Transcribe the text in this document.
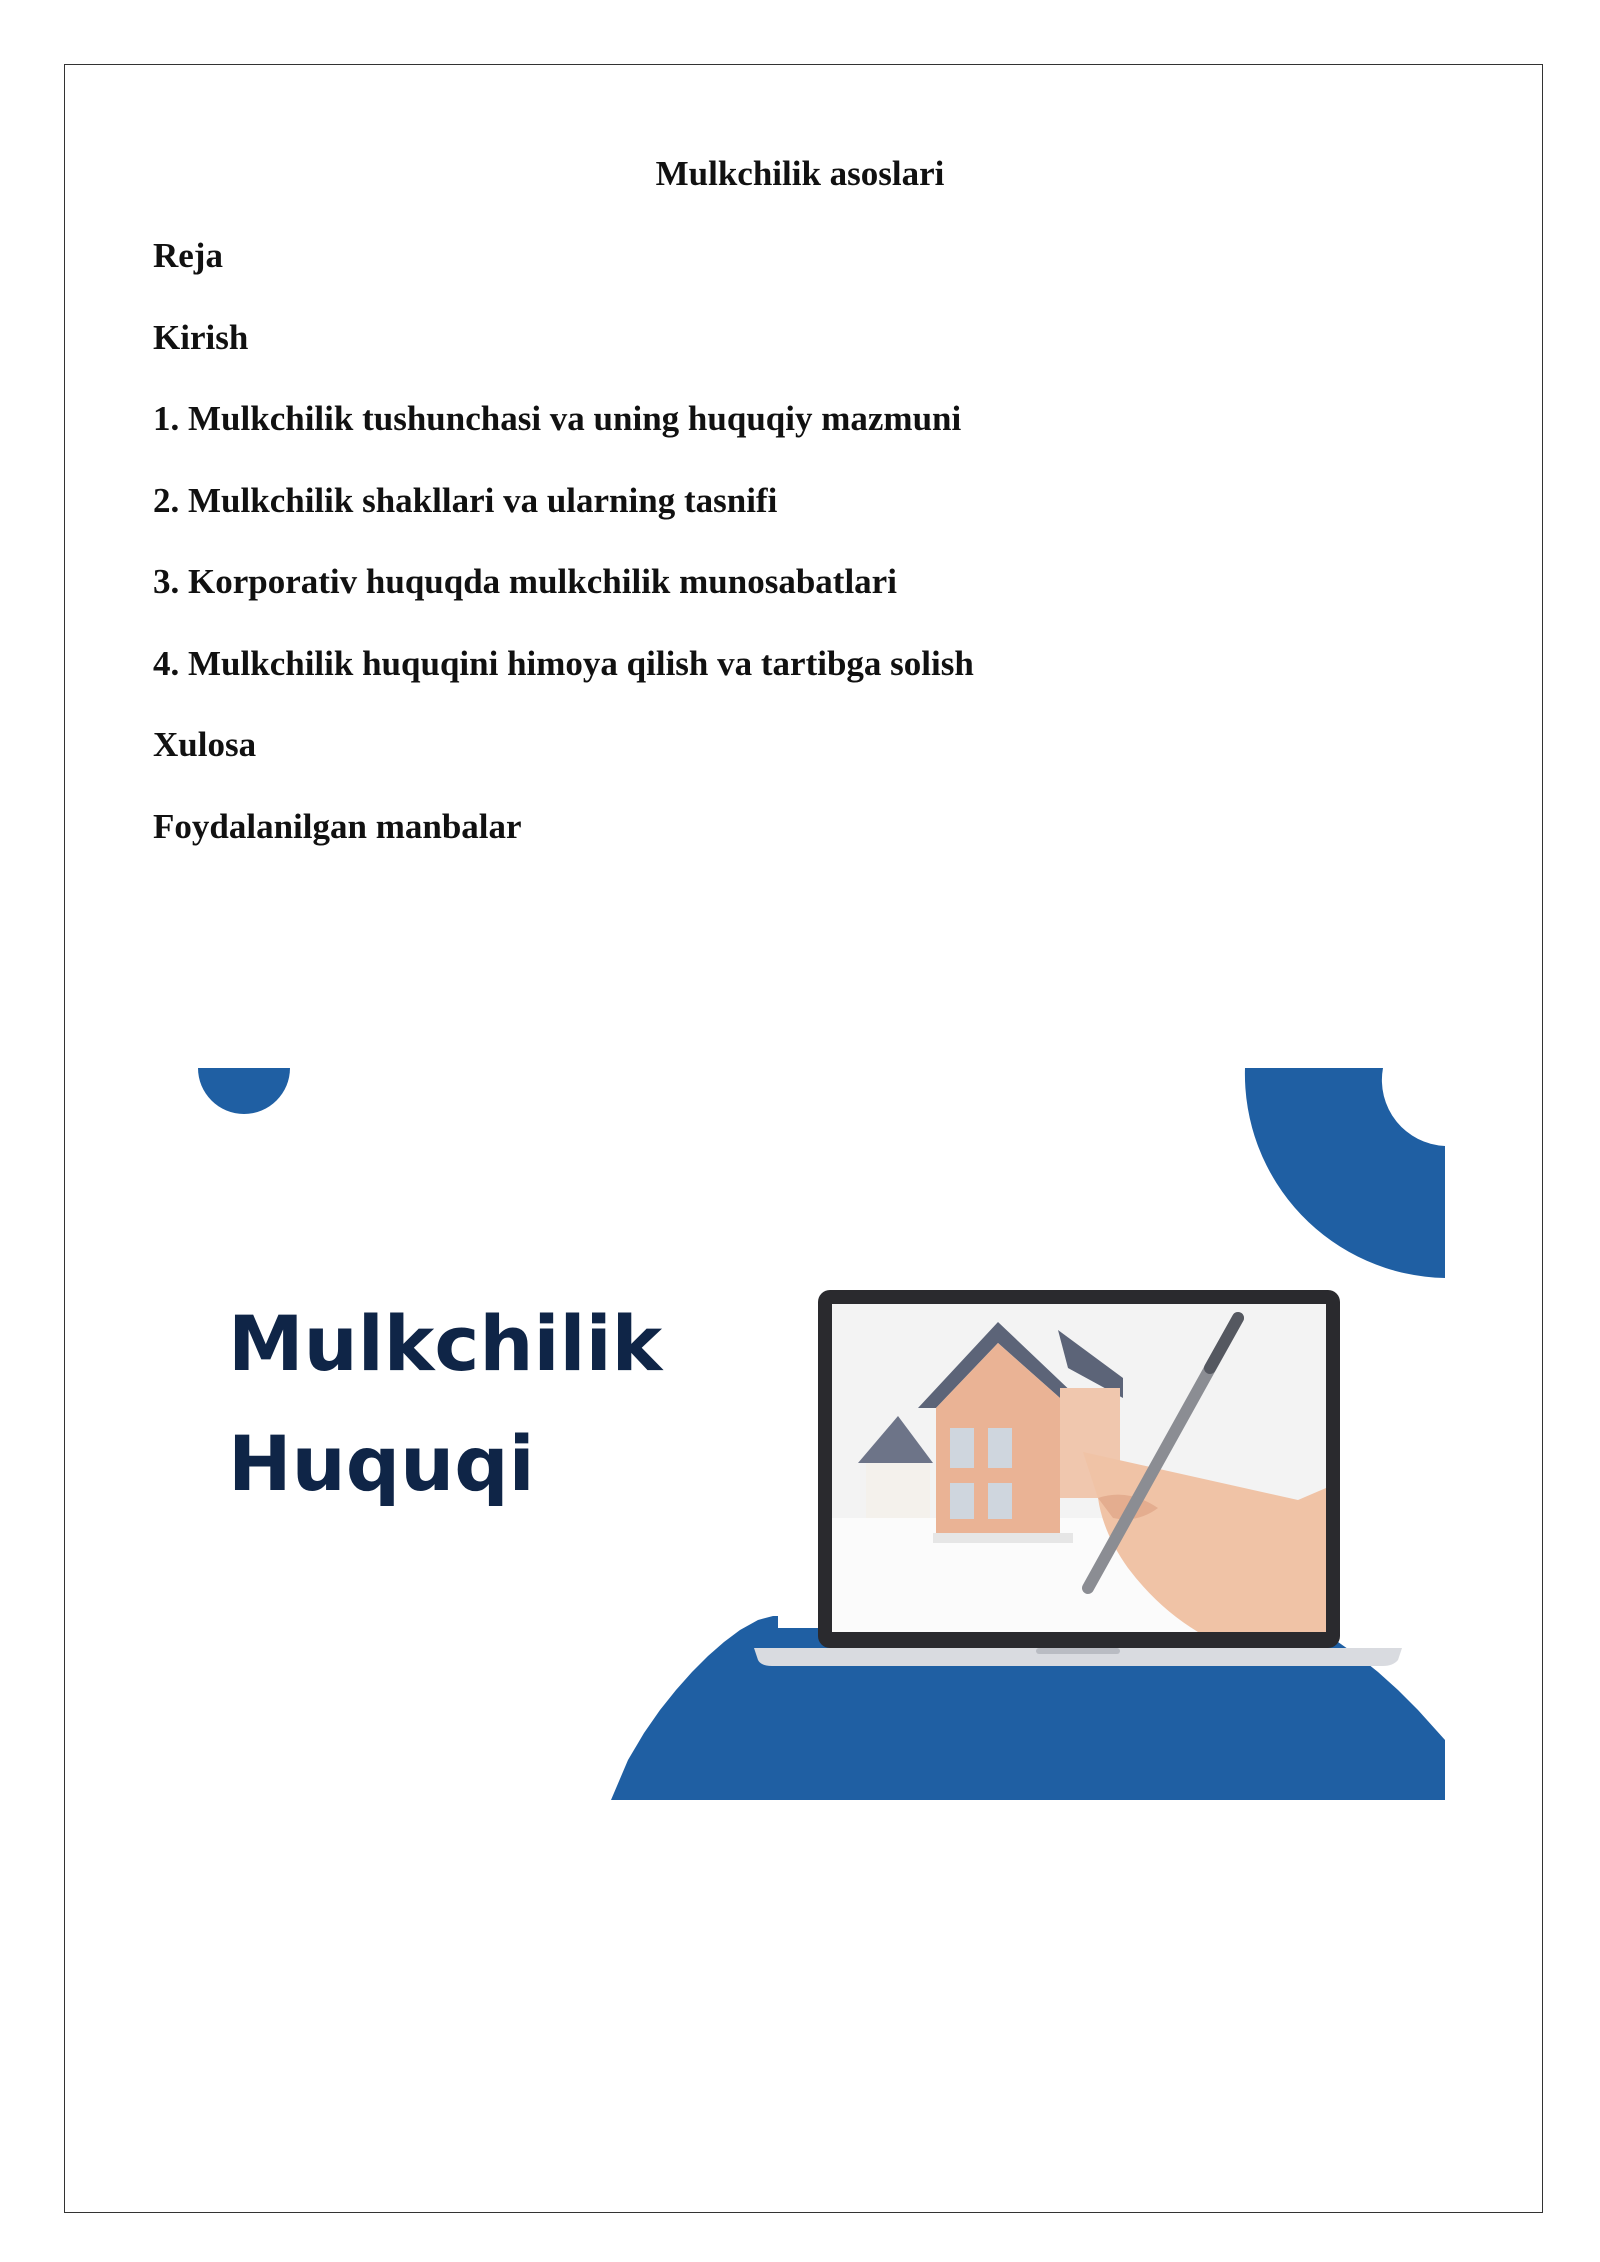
Mulkchilik asoslari
Reja
Kirish
1. Mulkchilik tushunchasi va uning huquqiy mazmuni
2. Mulkchilik shakllari va ularning tasnifi
3. Korporativ huquqda mulkchilik munosabatlari
4. Mulkchilik huquqini himoya qilish va tartibga solish
Xulosa
Foydalanilgan manbalar
Mulkchilik
Huquqi
